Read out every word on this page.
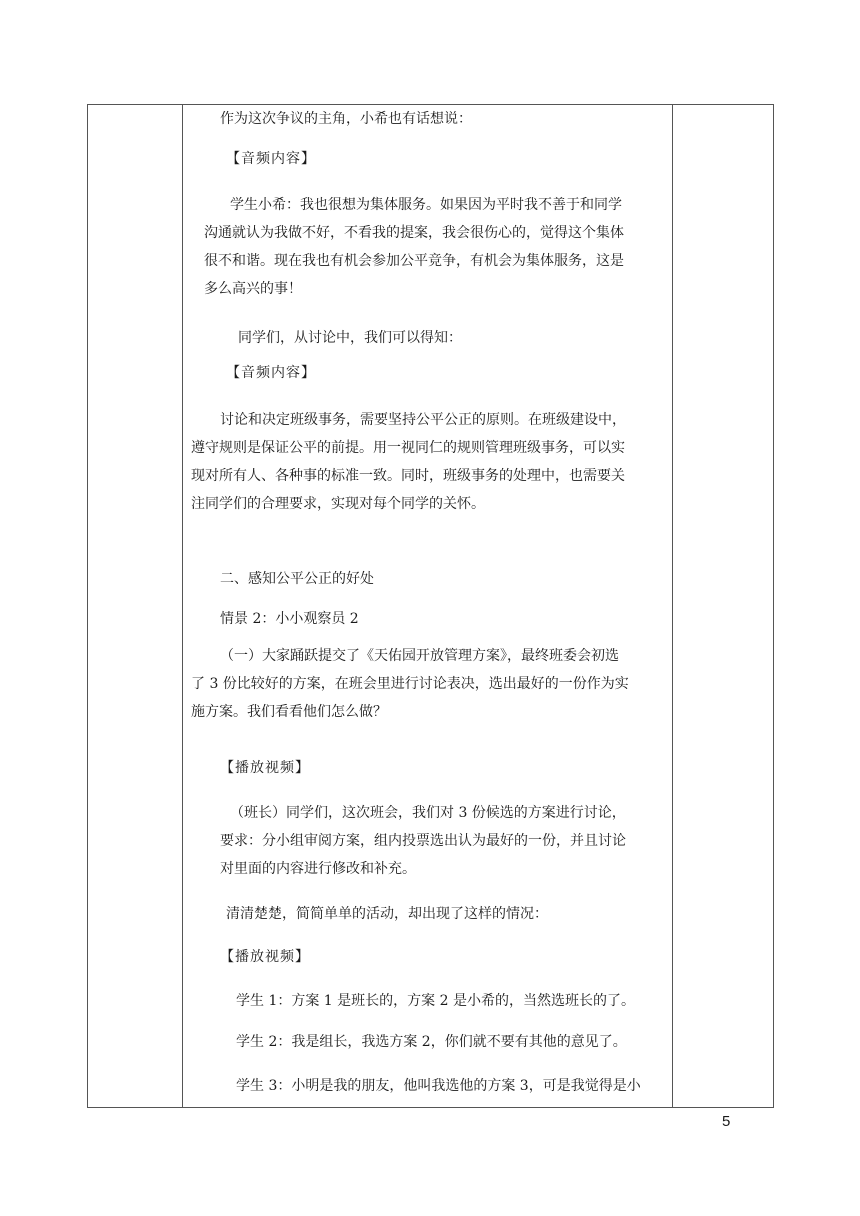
作为这次争议的主角，小希也有话想说：

【音频内容】

学生小希：我也很想为集体服务。如果因为平时我不善于和同学

沟通就认为我做不好，不看我的提案，我会很伤心的，觉得这个集体

很不和谐。现在我也有机会参加公平竞争，有机会为集体服务，这是

多么高兴的事！

同学们，从讨论中，我们可以得知：

【音频内容】

讨论和决定班级事务，需要坚持公平公正的原则。在班级建设中，

遵守规则是保证公平的前提。用一视同仁的规则管理班级事务，可以实

现对所有人、各种事的标准一致。同时，班级事务的处理中，也需要关

注同学们的合理要求，实现对每个同学的关怀。

二、感知公平公正的好处

情景 2：小小观察员 2

（一）大家踊跃提交了《天佑园开放管理方案》，最终班委会初选

了 3 份比较好的方案，在班会里进行讨论表决，选出最好的一份作为实

施方案。我们看看他们怎么做？

【播放视频】

（班长）同学们，这次班会，我们对 3 份候选的方案进行讨论，

要求：分小组审阅方案，组内投票选出认为最好的一份，并且讨论

对里面的内容进行修改和补充。

清清楚楚，简简单单的活动，却出现了这样的情况：

【播放视频】

学生 1：方案 1 是班长的，方案 2 是小希的，当然选班长的了。

学生 2：我是组长，我选方案 2，你们就不要有其他的意见了。

学生 3：小明是我的朋友，他叫我选他的方案 3，可是我觉得是小

5
